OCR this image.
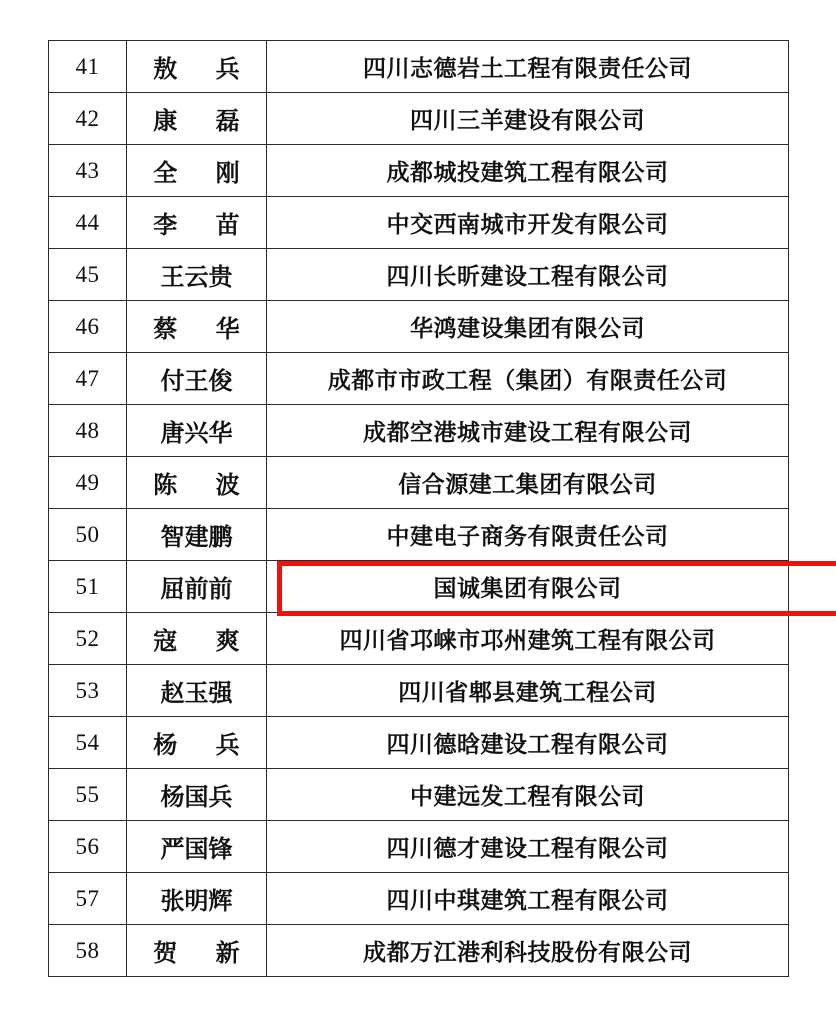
41	敖　兵	四川志德岩土工程有限责任公司
42	康　磊	四川三羊建设有限公司
43	全　刚	成都城投建筑工程有限公司
44	李　苗	中交西南城市开发有限公司
45	王云贵	四川长昕建设工程有限公司
46	蔡　华	华鸿建设集团有限公司
47	付王俊	成都市市政工程（集团）有限责任公司
48	唐兴华	成都空港城市建设工程有限公司
49	陈　波	信合源建工集团有限公司
50	智建鹏	中建电子商务有限责任公司
51	屈前前	国诚集团有限公司
52	寇　爽	四川省邛崃市邛州建筑工程有限公司
53	赵玉强	四川省郫县建筑工程公司
54	杨　兵	四川德晗建设工程有限公司
55	杨国兵	中建远发工程有限公司
56	严国锋	四川德才建设工程有限公司
57	张明辉	四川中琪建筑工程有限公司
58	贺　新	成都万江港利科技股份有限公司
